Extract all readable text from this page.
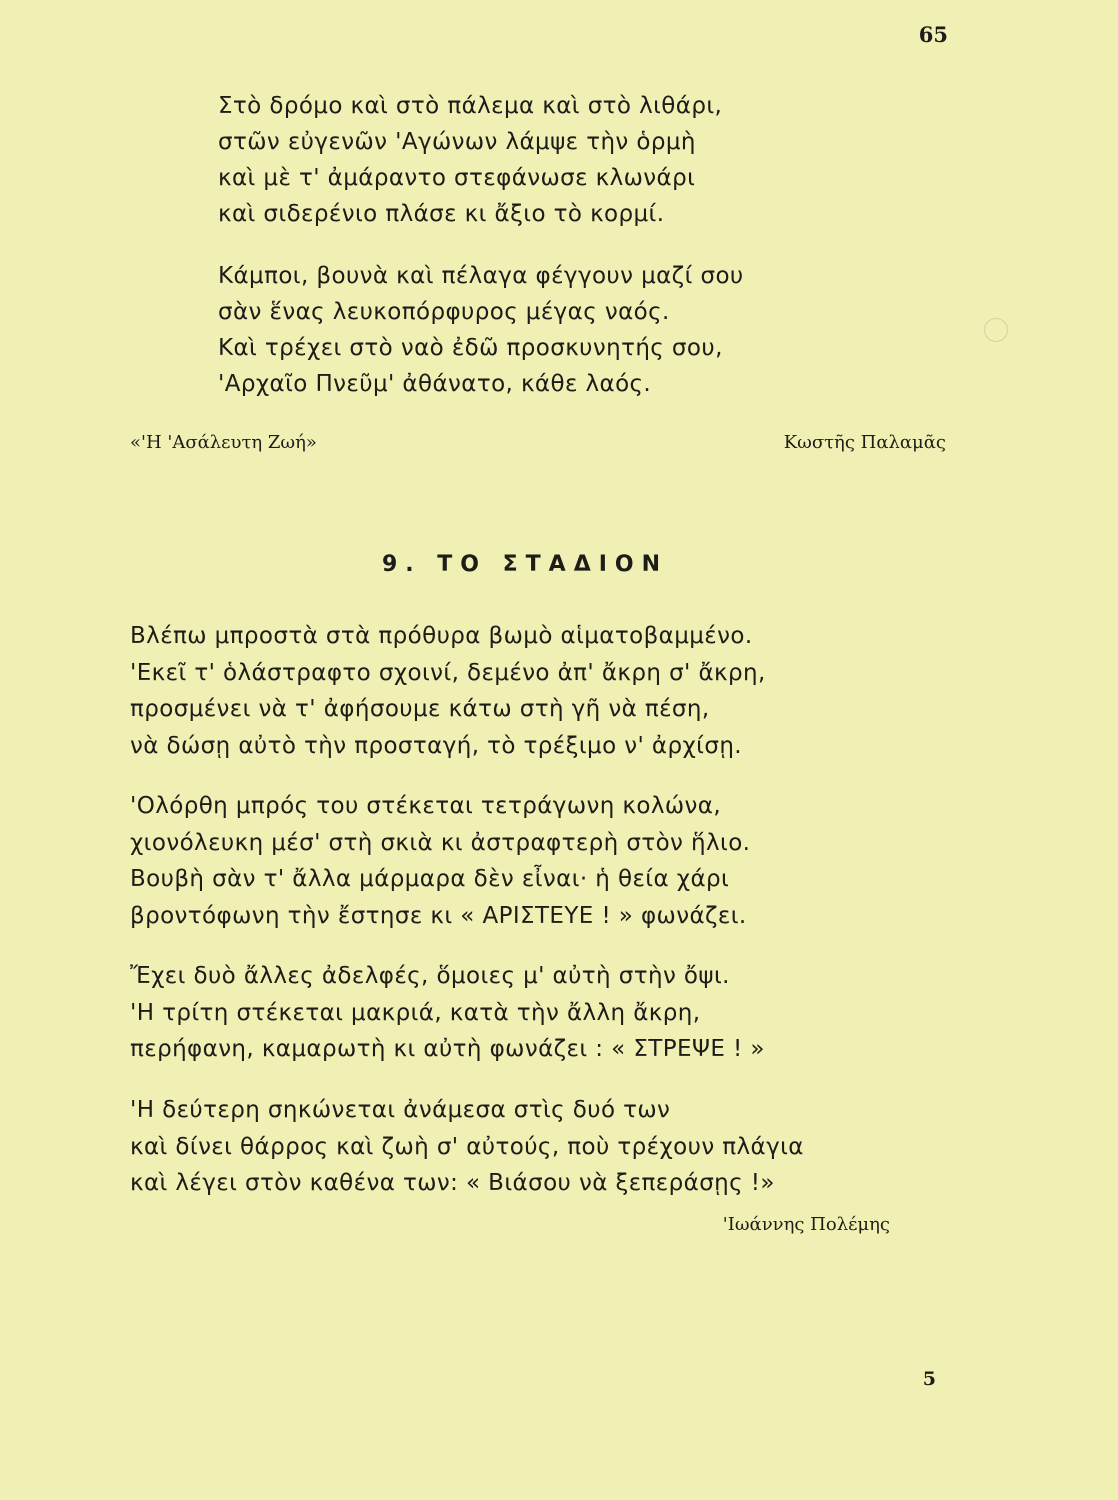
65
Στὸ δρόμο καὶ στὸ πάλεμα καὶ στὸ λιθάρι,
στῶν εὐγενῶν 'Αγώνων λάμψε τὴν ὁρμὴ
καὶ μὲ τ' ἀμάραντο στεφάνωσε κλωνάρι
καὶ σιδερένιο πλάσε κι ἄξιο τὸ κορμί.
Κάμποι, βουνὰ καὶ πέλαγα φέγγουν μαζί σου
σὰν ἕνας λευκοπόρφυρος μέγας ναός.
Καὶ τρέχει στὸ ναὸ ἐδῶ προσκυνητής σου,
'Αρχαῖο Πνεῦμ' ἀθάνατο, κάθε λαός.
«'Η 'Ασάλευτη Ζωή»	Κωστῆς Παλαμᾶς
9. ΤΟ ΣΤΑΔΙΟΝ
Βλέπω μπροστὰ στὰ πρόθυρα βωμὸ αἱματοβαμμένο.
'Εκεῖ τ' ὁλάστραφτο σχοινί, δεμένο ἀπ' ἄκρη σ' ἄκρη,
προσμένει νὰ τ' ἀφήσουμε κάτω στὴ γῆ νὰ πέση,
νὰ δώσῃ αὐτὸ τὴν προσταγή, τὸ τρέξιμο ν' ἀρχίσῃ.
'Ολόρθη μπρός του στέκεται τετράγωνη κολώνα,
χιονόλευκη μέσ' στὴ σκιὰ κι ἀστραφτερὴ στὸν ἥλιο.
Βουβὴ σὰν τ' ἄλλα μάρμαρα δὲν εἶναι· ἡ θεία χάρι
βροντόφωνη τὴν ἔστησε κι « ΑΡΙΣΤΕΥΕ ! » φωνάζει.
Ἔχει δυὸ ἄλλες ἀδελφές, ὅμοιες μ' αὐτὴ στὴν ὄψι.
'Η τρίτη στέκεται μακριά, κατὰ τὴν ἄλλη ἄκρη,
περήφανη, καμαρωτὴ κι αὐτὴ φωνάζει : « ΣΤΡΕΨΕ ! »
'Η δεύτερη σηκώνεται ἀνάμεσα στὶς δυό των
καὶ δίνει θάρρος καὶ ζωὴ σ' αὐτούς, ποὺ τρέχουν πλάγια
καὶ λέγει στὸν καθένα των: « Βιάσου νὰ ξεπεράσῃς !»
'Ιωάννης Πολέμης
5
